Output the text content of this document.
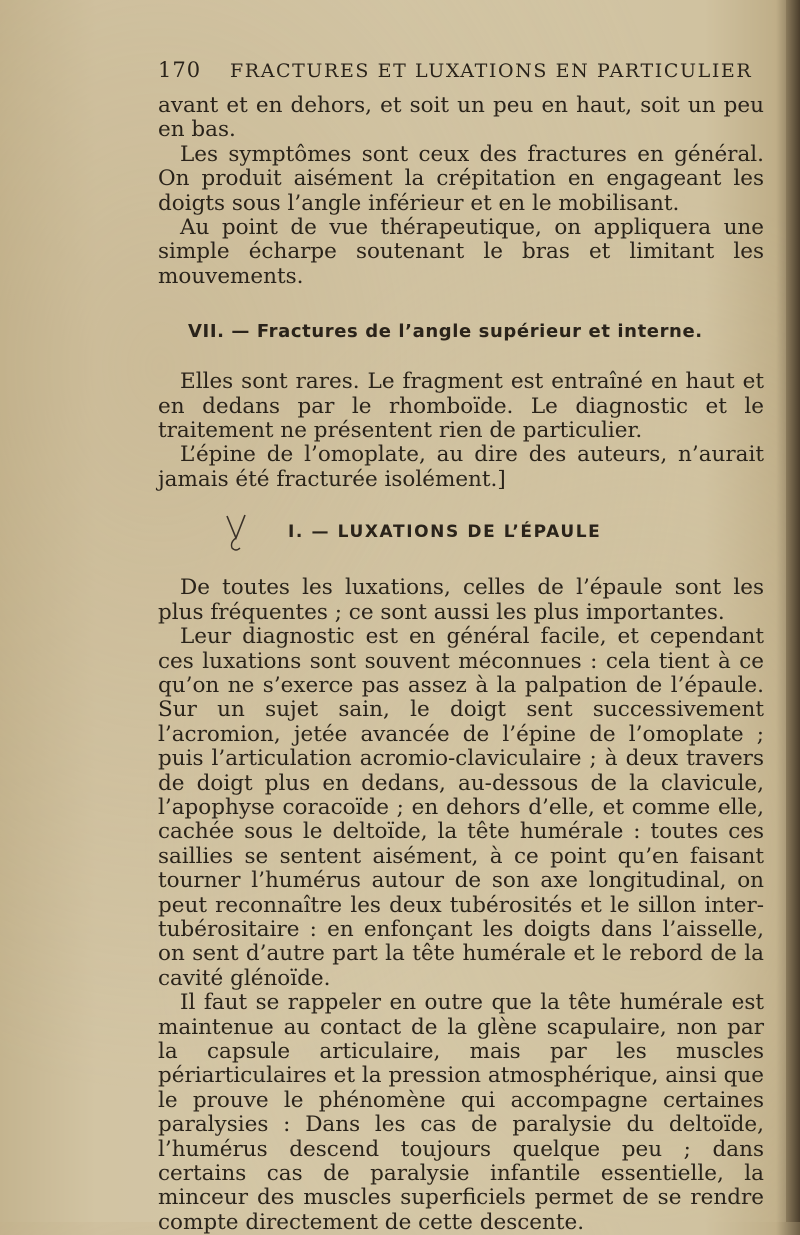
170	FRACTURES ET LUXATIONS EN PARTICULIER

avant et en dehors, et soit un peu en haut, soit un peu en bas.

Les symptômes sont ceux des fractures en général. On produit aisément la crépitation en engageant les doigts sous l’angle inférieur et en le mobilisant.

Au point de vue thérapeutique, on appliquera une simple écharpe soutenant le bras et limitant les mouvements.

VII. — Fractures de l’angle supérieur et interne.

Elles sont rares. Le fragment est entraîné en haut et en dedans par le rhomboïde. Le diagnostic et le traitement ne présentent rien de particulier.

L’épine de l’omoplate, au dire des auteurs, n’aurait jamais été fracturée isolément.]

I. — LUXATIONS DE L’ÉPAULE

De toutes les luxations, celles de l’épaule sont les plus fréquentes ; ce sont aussi les plus importantes.

Leur diagnostic est en général facile, et cependant ces luxations sont souvent méconnues : cela tient à ce qu’on ne s’exerce pas assez à la palpation de l’épaule. Sur un sujet sain, le doigt sent successivement l’acromion, jetée avancée de l’épine de l’omoplate ; puis l’articulation acromio-claviculaire ; à deux travers de doigt plus en dedans, au-dessous de la clavicule, l’apophyse coracoïde ; en dehors d’elle, et comme elle, cachée sous le deltoïde, la tête humérale : toutes ces saillies se sentent aisément, à ce point qu’en faisant tourner l’humérus autour de son axe longitudinal, on peut reconnaître les deux tubérosités et le sillon inter-tubérositaire : en enfonçant les doigts dans l’aisselle, on sent d’autre part la tête humérale et le rebord de la cavité glénoïde.

Il faut se rappeler en outre que la tête humérale est maintenue au contact de la glène scapulaire, non par la capsule articulaire, mais par les muscles périarticulaires et la pression atmosphérique, ainsi que le prouve le phénomène qui accompagne certaines paralysies : Dans les cas de paralysie du deltoïde, l’humérus descend toujours quelque peu ; dans certains cas de paralysie infantile essentielle, la minceur des muscles superficiels permet de se rendre compte directement de cette descente.
